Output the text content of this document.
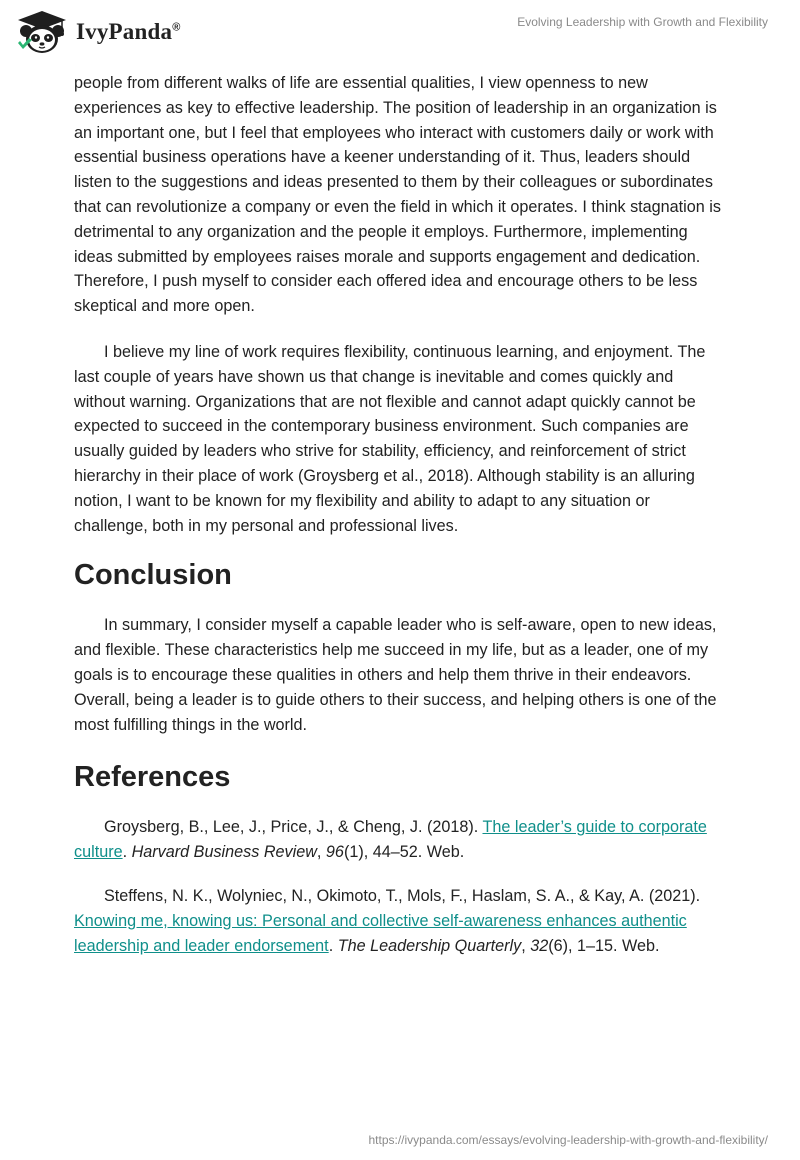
IvyPanda®	Evolving Leadership with Growth and Flexibility

people from different walks of life are essential qualities, I view openness to new experiences as key to effective leadership. The position of leadership in an organization is an important one, but I feel that employees who interact with customers daily or work with essential business operations have a keener understanding of it. Thus, leaders should listen to the suggestions and ideas presented to them by their colleagues or subordinates that can revolutionize a company or even the field in which it operates. I think stagnation is detrimental to any organization and the people it employs. Furthermore, implementing ideas submitted by employees raises morale and supports engagement and dedication. Therefore, I push myself to consider each offered idea and encourage others to be less skeptical and more open.

I believe my line of work requires flexibility, continuous learning, and enjoyment. The last couple of years have shown us that change is inevitable and comes quickly and without warning. Organizations that are not flexible and cannot adapt quickly cannot be expected to succeed in the contemporary business environment. Such companies are usually guided by leaders who strive for stability, efficiency, and reinforcement of strict hierarchy in their place of work (Groysberg et al., 2018). Although stability is an alluring notion, I want to be known for my flexibility and ability to adapt to any situation or challenge, both in my personal and professional lives.

Conclusion

In summary, I consider myself a capable leader who is self-aware, open to new ideas, and flexible. These characteristics help me succeed in my life, but as a leader, one of my goals is to encourage these qualities in others and help them thrive in their endeavors. Overall, being a leader is to guide others to their success, and helping others is one of the most fulfilling things in the world.

References

Groysberg, B., Lee, J., Price, J., & Cheng, J. (2018). The leader’s guide to corporate culture. Harvard Business Review, 96(1), 44–52. Web.

Steffens, N. K., Wolyniec, N., Okimoto, T., Mols, F., Haslam, S. A., & Kay, A. (2021). Knowing me, knowing us: Personal and collective self-awareness enhances authentic leadership and leader endorsement. The Leadership Quarterly, 32(6), 1–15. Web.

https://ivypanda.com/essays/evolving-leadership-with-growth-and-flexibility/
